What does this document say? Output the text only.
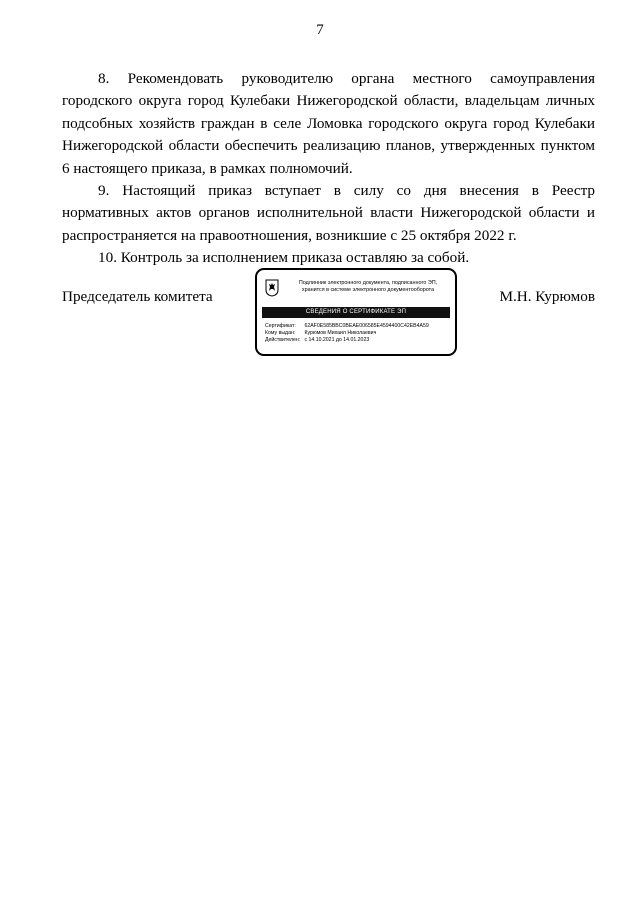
7

8. Рекомендовать руководителю органа местного самоуправления городского округа город Кулебаки Нижегородской области, владельцам личных подсобных хозяйств граждан в селе Ломовка городского округа город Кулебаки Нижегородской области обеспечить реализацию планов, утвержденных пунктом 6 настоящего приказа, в рамках полномочий.

9. Настоящий приказ вступает в силу со дня внесения в Реестр нормативных актов органов исполнительной власти Нижегородской области и распространяется на правоотношения, возникшие с 25 октября 2022 г.

10. Контроль за исполнением приказа оставляю за собой.

Председатель комитета
Подлинник электронного документа, подписанного ЭП,
хранится в системе электронного документооборота
СВЕДЕНИЯ О СЕРТИФИКАТЕ ЭП
Сертификат: 62AF0E585BBC0BEAE006585E4594400C42EB4A59
Кому выдан: Курюмов Михаил Николаевич
Действителен: с 14.10.2021 до 14.01.2023
М.Н. Курюмов
